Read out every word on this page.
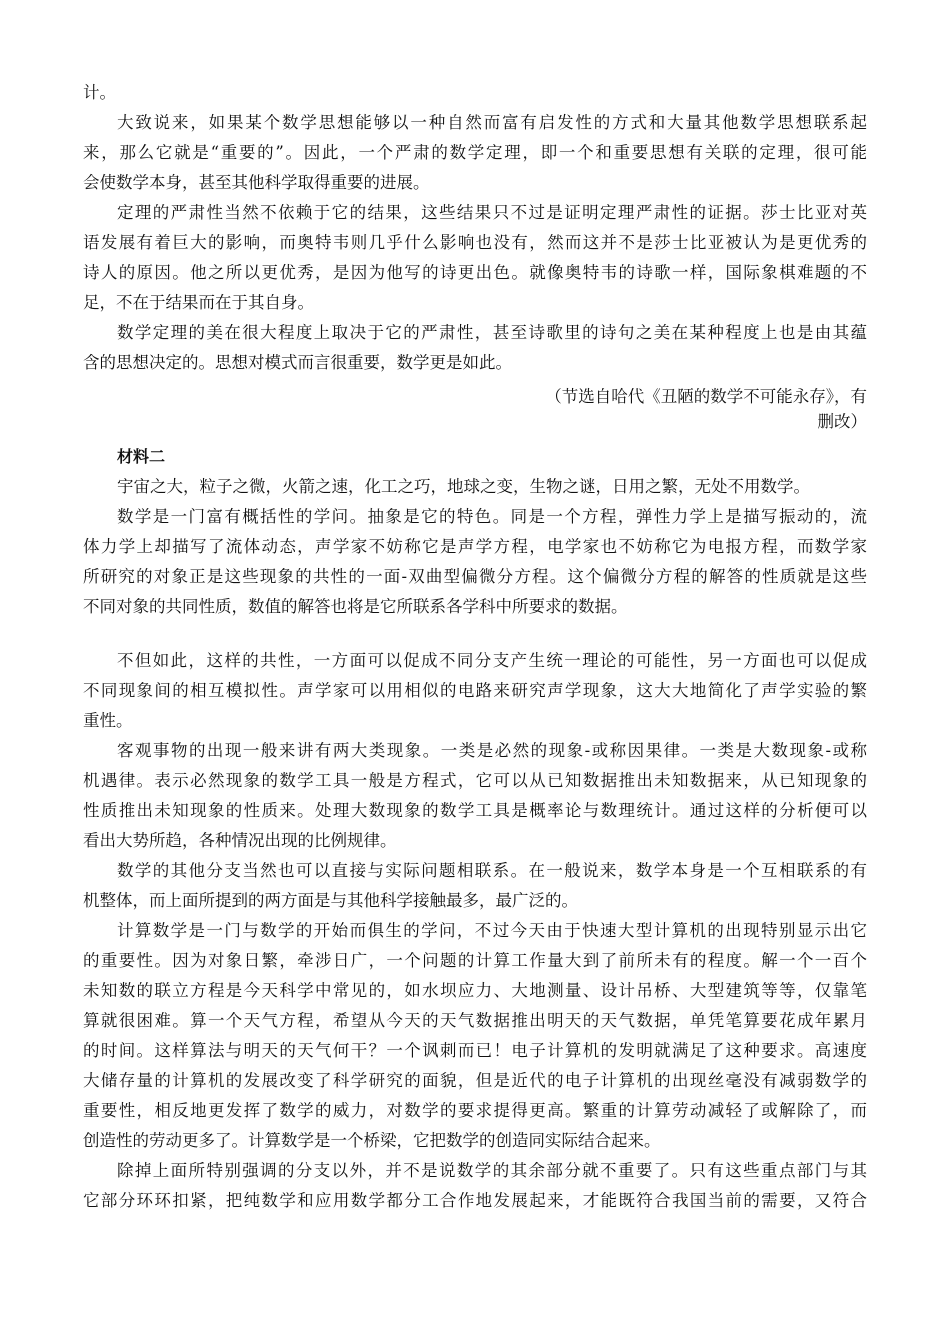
计。
大致说来，如果某个数学思想能够以一种自然而富有启发性的方式和大量其他数学思想联系起
来，那么它就是“重要的”。因此，一个严肃的数学定理，即一个和重要思想有关联的定理，很可能
会使数学本身，甚至其他科学取得重要的进展。
定理的严肃性当然不依赖于它的结果，这些结果只不过是证明定理严肃性的证据。莎士比亚对英
语发展有着巨大的影响，而奥特韦则几乎什么影响也没有，然而这并不是莎士比亚被认为是更优秀的
诗人的原因。他之所以更优秀，是因为他写的诗更出色。就像奥特韦的诗歌一样，国际象棋难题的不
足，不在于结果而在于其自身。
数学定理的美在很大程度上取决于它的严肃性，甚至诗歌里的诗句之美在某种程度上也是由其蕴
含的思想决定的。思想对模式而言很重要，数学更是如此。
（节选自哈代《丑陋的数学不可能永存》，有
删改）
材料二
宇宙之大，粒子之微，火箭之速，化工之巧，地球之变，生物之谜，日用之繁，无处不用数学。
数学是一门富有概括性的学问。抽象是它的特色。同是一个方程，弹性力学上是描写振动的，流
体力学上却描写了流体动态，声学家不妨称它是声学方程，电学家也不妨称它为电报方程，而数学家
所研究的对象正是这些现象的共性的一面-双曲型偏微分方程。这个偏微分方程的解答的性质就是这些
不同对象的共同性质，数值的解答也将是它所联系各学科中所要求的数据。
不但如此，这样的共性，一方面可以促成不同分支产生统一理论的可能性，另一方面也可以促成
不同现象间的相互模拟性。声学家可以用相似的电路来研究声学现象，这大大地简化了声学实验的繁
重性。
客观事物的出现一般来讲有两大类现象。一类是必然的现象-或称因果律。一类是大数现象-或称
机遇律。表示必然现象的数学工具一般是方程式，它可以从已知数据推出未知数据来，从已知现象的
性质推出未知现象的性质来。处理大数现象的数学工具是概率论与数理统计。通过这样的分析便可以
看出大势所趋，各种情况出现的比例规律。
数学的其他分支当然也可以直接与实际问题相联系。在一般说来，数学本身是一个互相联系的有
机整体，而上面所提到的两方面是与其他科学接触最多，最广泛的。
计算数学是一门与数学的开始而俱生的学问，不过今天由于快速大型计算机的出现特别显示出它
的重要性。因为对象日繁，牵涉日广，一个问题的计算工作量大到了前所未有的程度。解一个一百个
未知数的联立方程是今天科学中常见的，如水坝应力、大地测量、设计吊桥、大型建筑等等，仅靠笔
算就很困难。算一个天气方程，希望从今天的天气数据推出明天的天气数据，单凭笔算要花成年累月
的时间。这样算法与明天的天气何干？一个讽刺而已！电子计算机的发明就满足了这种要求。高速度
大储存量的计算机的发展改变了科学研究的面貌，但是近代的电子计算机的出现丝毫没有减弱数学的
重要性，相反地更发挥了数学的威力，对数学的要求提得更高。繁重的计算劳动减轻了或解除了，而
创造性的劳动更多了。计算数学是一个桥梁，它把数学的创造同实际结合起来。
除掉上面所特别强调的分支以外，并不是说数学的其余部分就不重要了。只有这些重点部门与其
它部分环环扣紧，把纯数学和应用数学都分工合作地发展起来，才能既符合我国当前的需要，又符合
